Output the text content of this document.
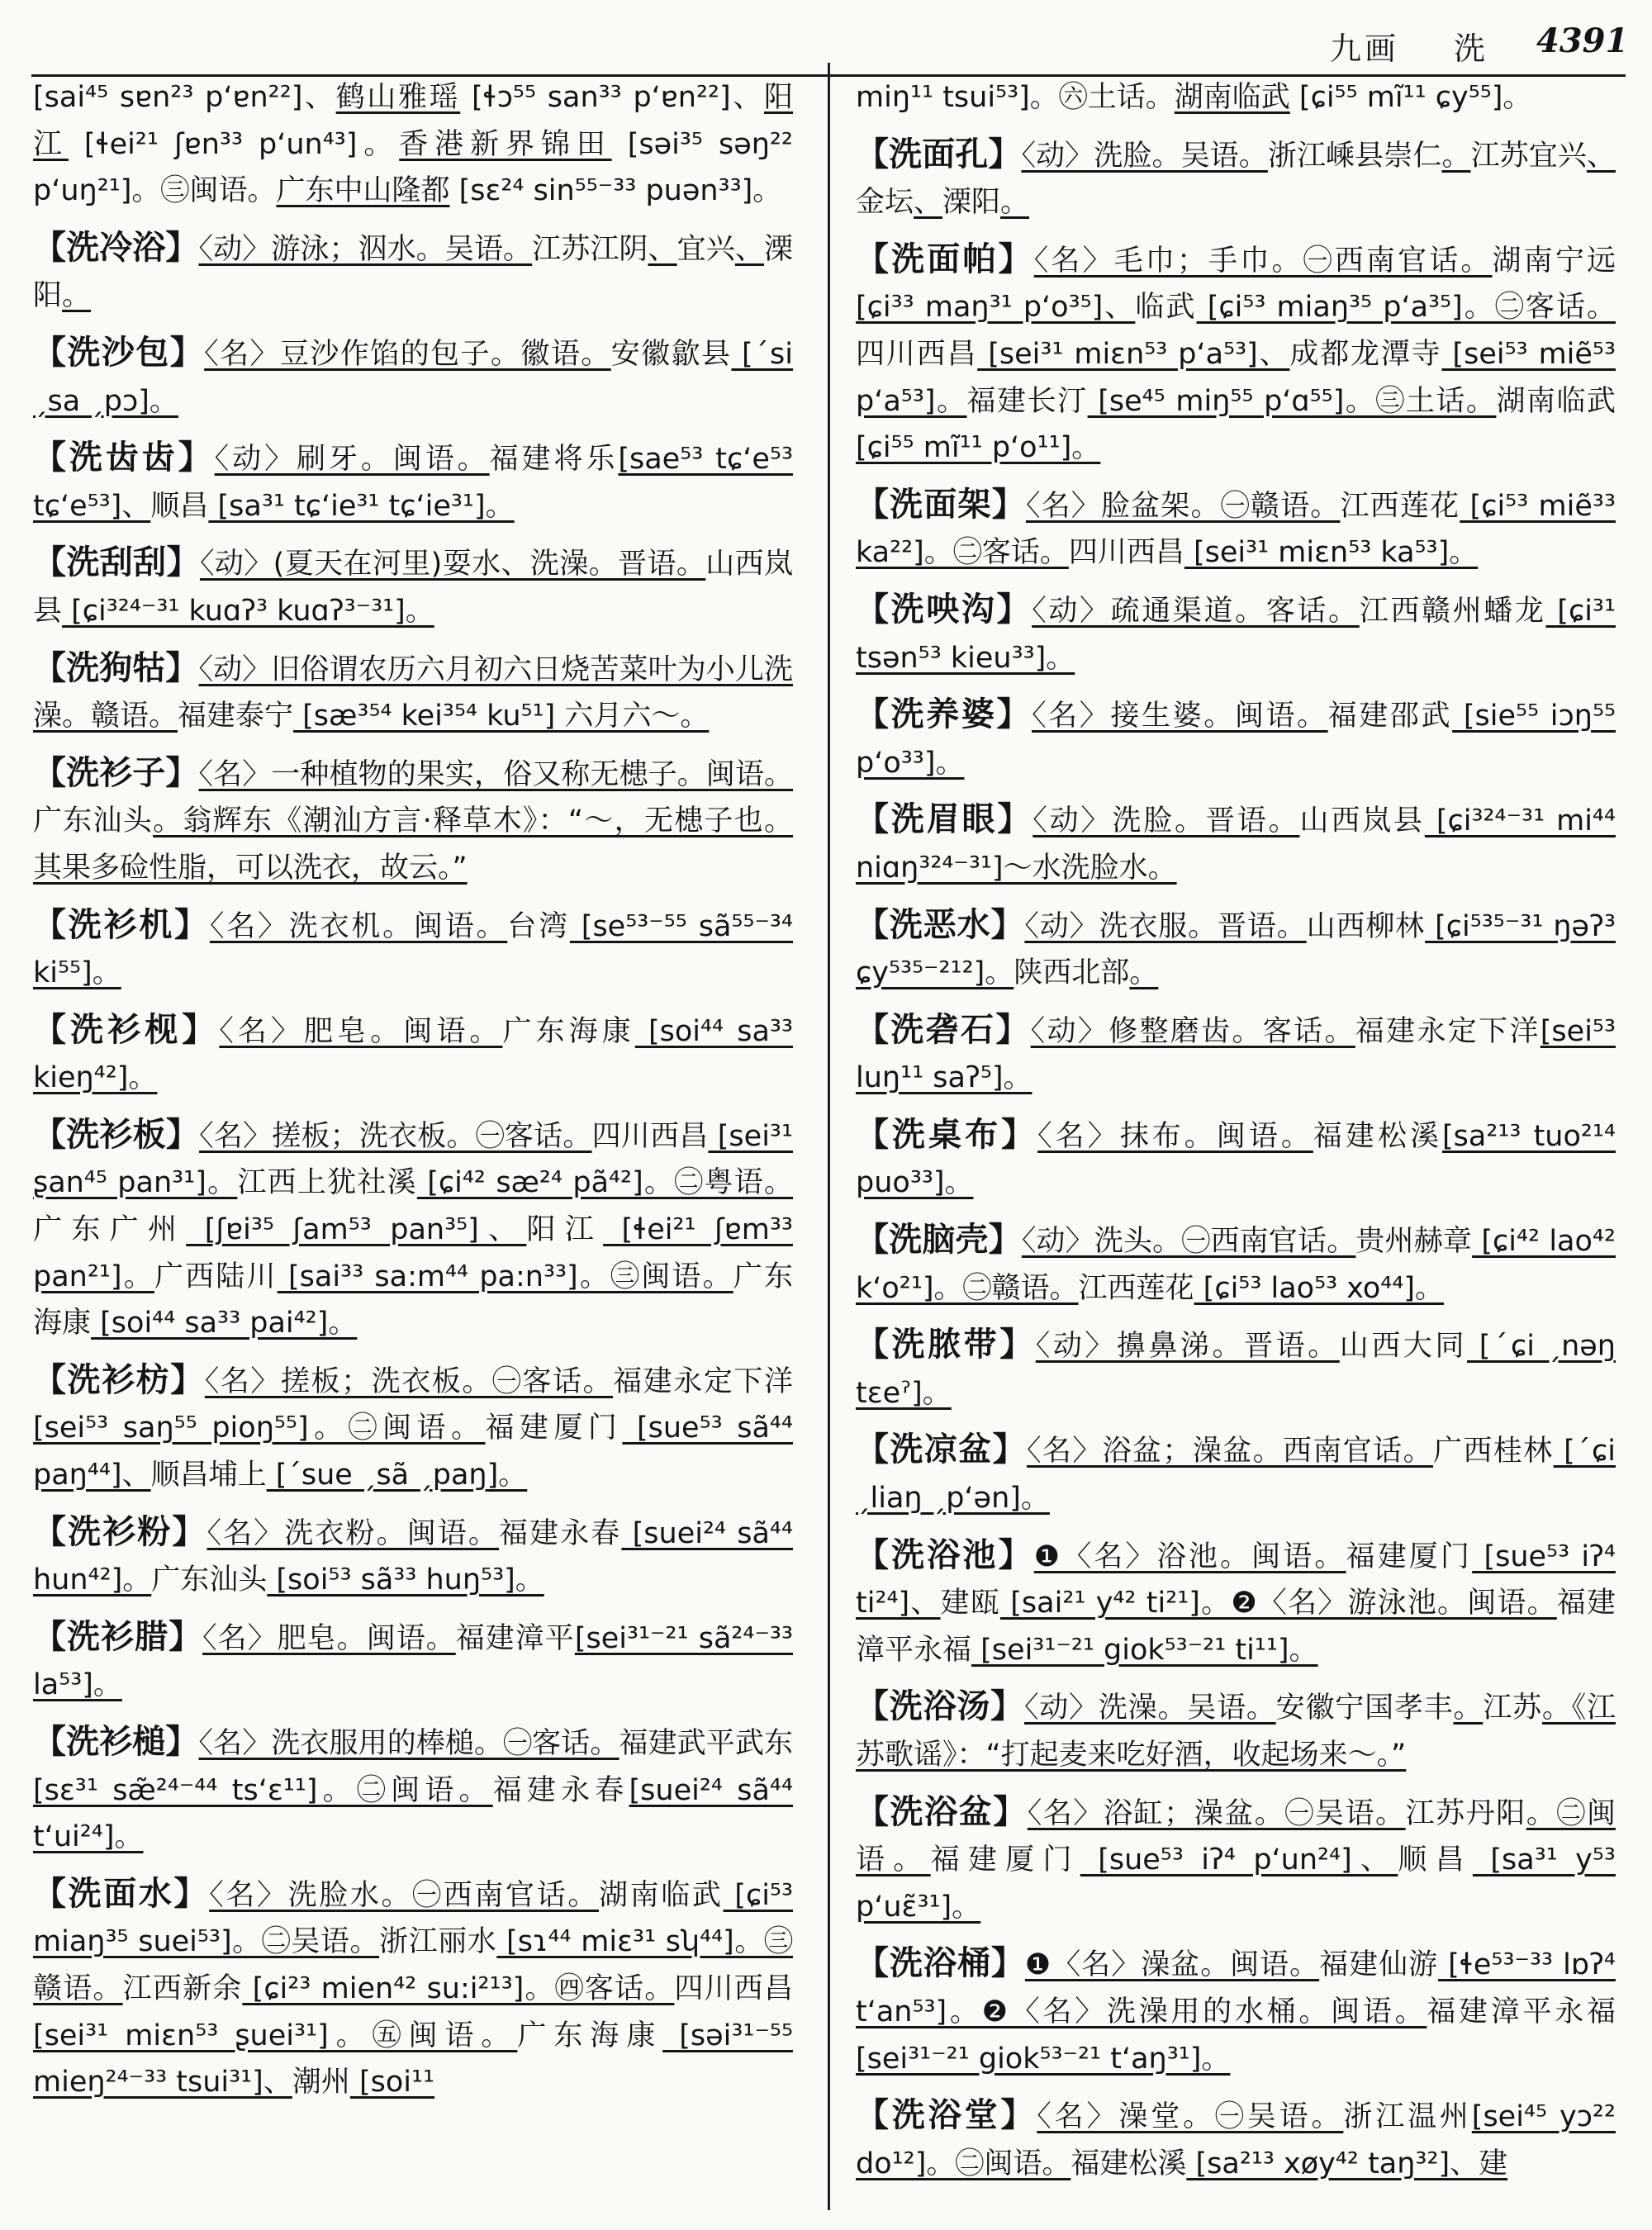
九画 洗 4391
[sai⁴⁵ sɐn²³ pʻɐn²²]、鹤山雅瑶 [ɬɔ⁵⁵ san³³ pʻɐn²²]、阳江 [ɬei²¹ ʃɐn³³ pʻun⁴³]。香港新界锦田 [səi³⁵ səŋ²² pʻuŋ²¹]。㊂闽语。广东中山隆都 [sɛ²⁴ sin⁵⁵⁻³³ puən³³]。
【洗冷浴】〈动〉游泳；泅水。吴语。江苏江阴、宜兴、溧阳。
【洗沙包】〈名〉豆沙作馅的包子。徽语。安徽歙县 [ˊsi ˏsa ˏpɔ]。
【洗齿齿】〈动〉刷牙。闽语。福建将乐[sae⁵³ tɕʻe⁵³ tɕʻe⁵³]、顺昌 [sa³¹ tɕʻie³¹ tɕʻie³¹]。
【洗刮刮】〈动〉(夏天在河里)耍水、洗澡。晋语。山西岚县 [ɕi³²⁴⁻³¹ kuɑʔ³ kuɑʔ³⁻³¹]。
【洗狗牯】〈动〉旧俗谓农历六月初六日烧苦菜叶为小儿洗澡。赣语。福建泰宁 [sæ³⁵⁴ kei³⁵⁴ ku⁵¹] 六月六～。
【洗衫子】〈名〉一种植物的果实，俗又称无槵子。闽语。广东汕头。翁辉东《潮汕方言·释草木》：“～，无槵子也。其果多硷性脂，可以洗衣，故云。”
【洗衫机】〈名〉洗衣机。闽语。台湾 [se⁵³⁻⁵⁵ sã⁵⁵⁻³⁴ ki⁵⁵]。
【洗衫枧】〈名〉肥皂。闽语。广东海康 [soi⁴⁴ sa³³ kieŋ⁴²]。
【洗衫板】〈名〉搓板；洗衣板。㊀客话。四川西昌 [sei³¹ ʂan⁴⁵ pan³¹]。江西上犹社溪 [ɕi⁴² sæ²⁴ pã⁴²]。㊁粤语。广东广州 [ʃɐi³⁵ ʃam⁵³ pan³⁵]、阳江 [ɬei²¹ ʃɐm³³ pan²¹]。广西陆川 [sai³³ sa:m⁴⁴ pa:n³³]。㊂闽语。广东海康 [soi⁴⁴ sa³³ pai⁴²]。
【洗衫枋】〈名〉搓板；洗衣板。㊀客话。福建永定下洋 [sei⁵³ saŋ⁵⁵ pioŋ⁵⁵]。㊁闽语。福建厦门 [sue⁵³ sã⁴⁴ paŋ⁴⁴]、顺昌埔上 [ˊsue ˏsã ˏpaŋ]。
【洗衫粉】〈名〉洗衣粉。闽语。福建永春 [suei²⁴ sã⁴⁴ hun⁴²]。广东汕头 [soi⁵³ sã³³ huŋ⁵³]。
【洗衫腊】〈名〉肥皂。闽语。福建漳平[sei³¹⁻²¹ sã²⁴⁻³³ la⁵³]。
【洗衫槌】〈名〉洗衣服用的棒槌。㊀客话。福建武平武东 [sɛ³¹ sæ̃²⁴⁻⁴⁴ tsʻɛ¹¹]。㊁闽语。福建永春[suei²⁴ sã⁴⁴ tʻui²⁴]。
【洗面水】〈名〉洗脸水。㊀西南官话。湖南临武 [ɕi⁵³ miaŋ³⁵ suei⁵³]。㊁吴语。浙江丽水 [sɿ⁴⁴ miɛ³¹ sʮ⁴⁴]。㊂赣语。江西新余 [ɕi²³ mien⁴² su:i²¹³]。㊃客话。四川西昌 [sei³¹ miɛn⁵³ ʂuei³¹]。㊄闽语。广东海康 [səi³¹⁻⁵⁵ mieŋ²⁴⁻³³ tsui³¹]、潮州 [soi¹¹
miŋ¹¹ tsui⁵³]。㊅土话。湖南临武 [ɕi⁵⁵ mĩ¹¹ ɕy⁵⁵]。
【洗面孔】〈动〉洗脸。吴语。浙江嵊县崇仁。江苏宜兴、金坛、溧阳。
【洗面帕】〈名〉毛巾；手巾。㊀西南官话。湖南宁远 [ɕi³³ maŋ³¹ pʻo³⁵]、临武 [ɕi⁵³ miaŋ³⁵ pʻa³⁵]。㊁客话。四川西昌 [sei³¹ miɛn⁵³ pʻa⁵³]、成都龙潭寺 [sei⁵³ miẽ⁵³ pʻa⁵³]。福建长汀 [se⁴⁵ miŋ⁵⁵ pʻɑ⁵⁵]。㊂土话。湖南临武 [ɕi⁵⁵ mĩ¹¹ pʻo¹¹]。
【洗面架】〈名〉脸盆架。㊀赣语。江西莲花 [ɕi⁵³ miẽ³³ ka²²]。㊁客话。四川西昌 [sei³¹ miɛn⁵³ ka⁵³]。
【洗咉沟】〈动〉疏通渠道。客话。江西赣州蟠龙 [ɕi³¹ tsən⁵³ kieu³³]。
【洗养婆】〈名〉接生婆。闽语。福建邵武 [sie⁵⁵ iɔŋ⁵⁵ pʻo³³]。
【洗眉眼】〈动〉洗脸。晋语。山西岚县 [ɕi³²⁴⁻³¹ mi⁴⁴ niɑŋ³²⁴⁻³¹]～水洗脸水。
【洗恶水】〈动〉洗衣服。晋语。山西柳林 [ɕi⁵³⁵⁻³¹ ŋəʔ³ ɕy⁵³⁵⁻²¹²]。陕西北部。
【洗砻石】〈动〉修整磨齿。客话。福建永定下洋[sei⁵³ luŋ¹¹ saʔ⁵]。
【洗桌布】〈名〉抹布。闽语。福建松溪[sa²¹³ tuo²¹⁴ puo³³]。
【洗脑壳】〈动〉洗头。㊀西南官话。贵州赫章 [ɕi⁴² lao⁴² kʻo²¹]。㊁赣语。江西莲花 [ɕi⁵³ lao⁵³ xo⁴⁴]。
【洗脓带】〈动〉擤鼻涕。晋语。山西大同 [ˊɕi ˏnəŋ tɛeˀ]。
【洗凉盆】〈名〉浴盆；澡盆。西南官话。广西桂林 [ˊɕi ˏliaŋ ˏpʻən]。
【洗浴池】❶〈名〉浴池。闽语。福建厦门 [sue⁵³ iʔ⁴ ti²⁴]、建瓯 [sai²¹ y⁴² ti²¹]。❷〈名〉游泳池。闽语。福建漳平永福 [sei³¹⁻²¹ giok⁵³⁻²¹ ti¹¹]。
【洗浴汤】〈动〉洗澡。吴语。安徽宁国孝丰。江苏。《江苏歌谣》：“打起麦来吃好酒，收起场来～。”
【洗浴盆】〈名〉浴缸；澡盆。㊀吴语。江苏丹阳。㊁闽语。福建厦门 [sue⁵³ iʔ⁴ pʻun²⁴]、顺昌 [sa³¹ y⁵³ pʻuɛ̃³¹]。
【洗浴桶】❶〈名〉澡盆。闽语。福建仙游 [ɬe⁵³⁻³³ lɒʔ⁴ tʻan⁵³]。❷〈名〉洗澡用的水桶。闽语。福建漳平永福 [sei³¹⁻²¹ giok⁵³⁻²¹ tʻaŋ³¹]。
【洗浴堂】〈名〉澡堂。㊀吴语。浙江温州[sei⁴⁵ yɔ²² do¹²]。㊁闽语。福建松溪 [sa²¹³ xøy⁴² taŋ³²]、建
